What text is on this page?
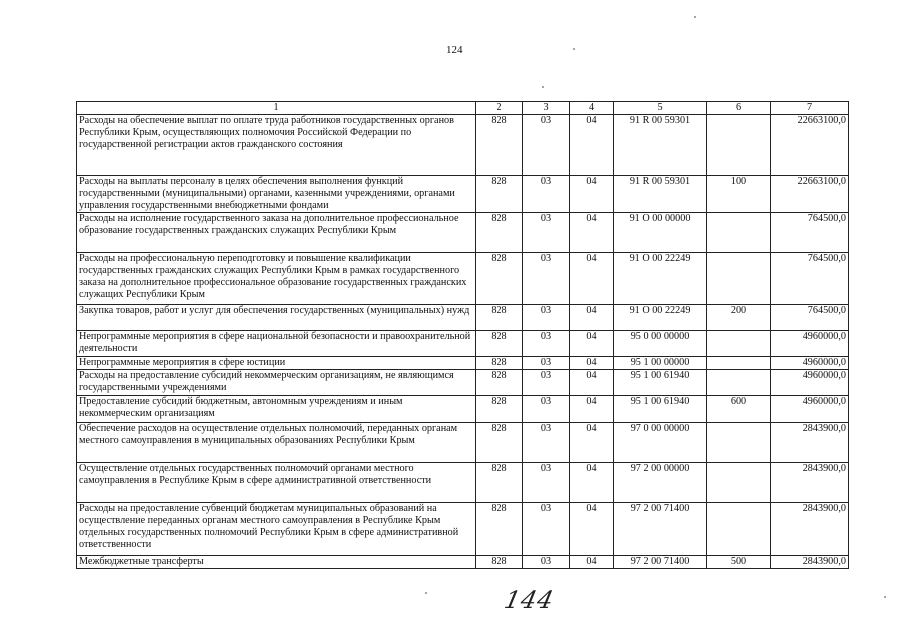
124
1	2	3	4	5	6	7
Расходы на обеспечение выплат по оплате труда работников государственных органов Республики Крым, осуществляющих полномочия Российской Федерации по государственной регистрации актов гражданского состояния	828	03	04	91 R 00 59301		22663100,0
Расходы на выплаты персоналу в целях обеспечения выполнения функций государственными (муниципальными) органами, казенными учреждениями, органами управления государственными внебюджетными фондами	828	03	04	91 R 00 59301	100	22663100,0
Расходы на исполнение государственного заказа на дополнительное профессиональное образование государственных гражданских служащих Республики Крым	828	03	04	91 О 00 00000		764500,0
Расходы на профессиональную переподготовку и повышение квалификации государственных гражданских служащих Республики Крым в рамках государственного заказа на дополнительное профессиональное образование государственных гражданских служащих Республики Крым	828	03	04	91 О 00 22249		764500,0
Закупка товаров, работ и услуг для обеспечения государственных (муниципальных) нужд	828	03	04	91 О 00 22249	200	764500,0
Непрограммные мероприятия в сфере национальной безопасности и правоохранительной деятельности	828	03	04	95 0 00 00000		4960000,0
Непрограммные мероприятия в сфере юстиции	828	03	04	95 1 00 00000		4960000,0
Расходы на предоставление субсидий некоммерческим организациям, не являющимся государственными учреждениями	828	03	04	95 1 00 61940		4960000,0
Предоставление субсидий бюджетным, автономным учреждениям и иным некоммерческим организациям	828	03	04	95 1 00 61940	600	4960000,0
Обеспечение расходов на осуществление отдельных полномочий, переданных органам местного самоуправления в муниципальных образованиях Республики Крым	828	03	04	97 0 00 00000		2843900,0
Осуществление отдельных государственных полномочий органами местного самоуправления в Республике Крым в сфере административной ответственности	828	03	04	97 2 00 00000		2843900,0
Расходы на предоставление субвенций бюджетам муниципальных образований на осуществление переданных органам местного самоуправления в Республике Крым отдельных государственных полномочий Республики Крым в сфере административной ответственности	828	03	04	97 2 00 71400		2843900,0
Межбюджетные трансферты	828	03	04	97 2 00 71400	500	2843900,0
144
